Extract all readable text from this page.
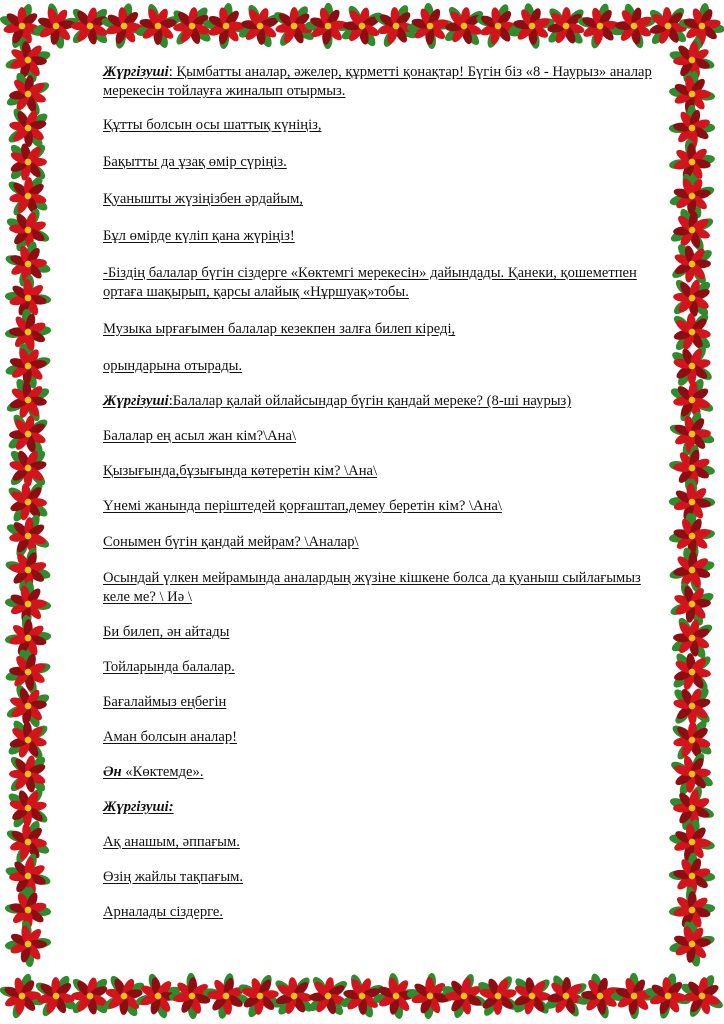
Жүргізуші: Қымбатты аналар, әжелер, құрметті қонақтар! Бүгін біз «8 - Наурыз» аналар мерекесін тойлауға жиналып отырмыз.

Құтты болсын осы шаттық күніңіз,

Бақытты да ұзақ өмір сүріңіз.

Қуанышты жүзіңізбен әрдайым,

Бұл өмірде күліп қана жүріңіз!

-Біздің балалар бүгін сіздерге «Көктемгі мерекесін» дайындады. Қанеки, қошеметпен ортаға шақырып, қарсы алайық «Нұршуақ»тобы.

Музыка ырғағымен балалар кезекпен залға билеп кіреді,

орындарына отырады.

Жүргізуші:Балалар қалай ойлайсындар бүгін қандай мереке? (8-ші наурыз)

Балалар ең асыл жан кім?\Ана\

Қызығында,бұзығында көтеретін кім? \Ана\

Үнемі жанында періштедей қорғаштап,демеу беретін кім? \Ана\

Сонымен бүгін қандай мейрам? \Аналар\

Осындай үлкен мейрамында аналардың жүзіне кішкене болса да қуаныш сыйлағымыз келе ме? \ Иә \

Би билеп, ән айтады

Тойларында балалар.

Бағалаймыз еңбегін

Аман болсын аналар!

Ән «Көктемде».

Жүргізуші:

Ақ анашым, әппағым.

Өзің жайлы тақпағым.

Арналады сіздерге.
